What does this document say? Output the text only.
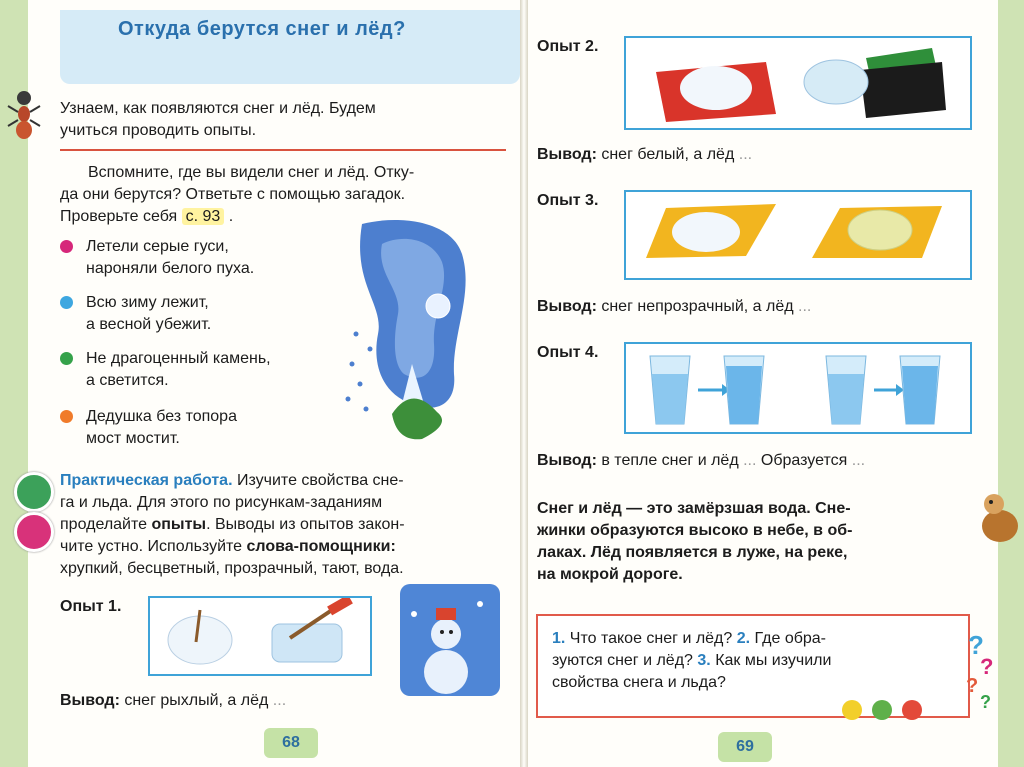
Откуда берутся снег и лёд?
Узнаем, как появляются снег и лёд. Будем
учиться проводить опыты.
Вспомните, где вы видели снег и лёд. Отку-
да они берутся? Ответьте с помощью загадок.
Проверьте себя с. 93 .
Летели серые гуси,
нароняли белого пуха.
Всю зиму лежит,
а весной убежит.
Не драгоценный камень,
а светится.
Дедушка без топора
мост мостит.
Практическая работа. Изучите свойства сне-
га и льда. Для этого по рисункам-заданиям
проделайте опыты. Выводы из опытов закон-
чите устно. Используйте слова-помощники:
хрупкий, бесцветный, прозрачный, тают, вода.
Опыт 1.
Вывод: снег рыхлый, а лёд ...
68
Опыт 2.
Вывод: снег белый, а лёд ...
Опыт 3.
Вывод: снег непрозрачный, а лёд ...
Опыт 4.
Вывод: в тепле снег и лёд ... Образуется ...
Снег и лёд — это замёрзшая вода. Сне-
жинки образуются высоко в небе, в об-
лаках. Лёд появляется в луже, на реке,
на мокрой дороге.
1. Что такое снег и лёд? 2. Где обра-
зуются снег и лёд? 3. Как мы изучили
свойства снега и льда?
?
?
?
?
69
